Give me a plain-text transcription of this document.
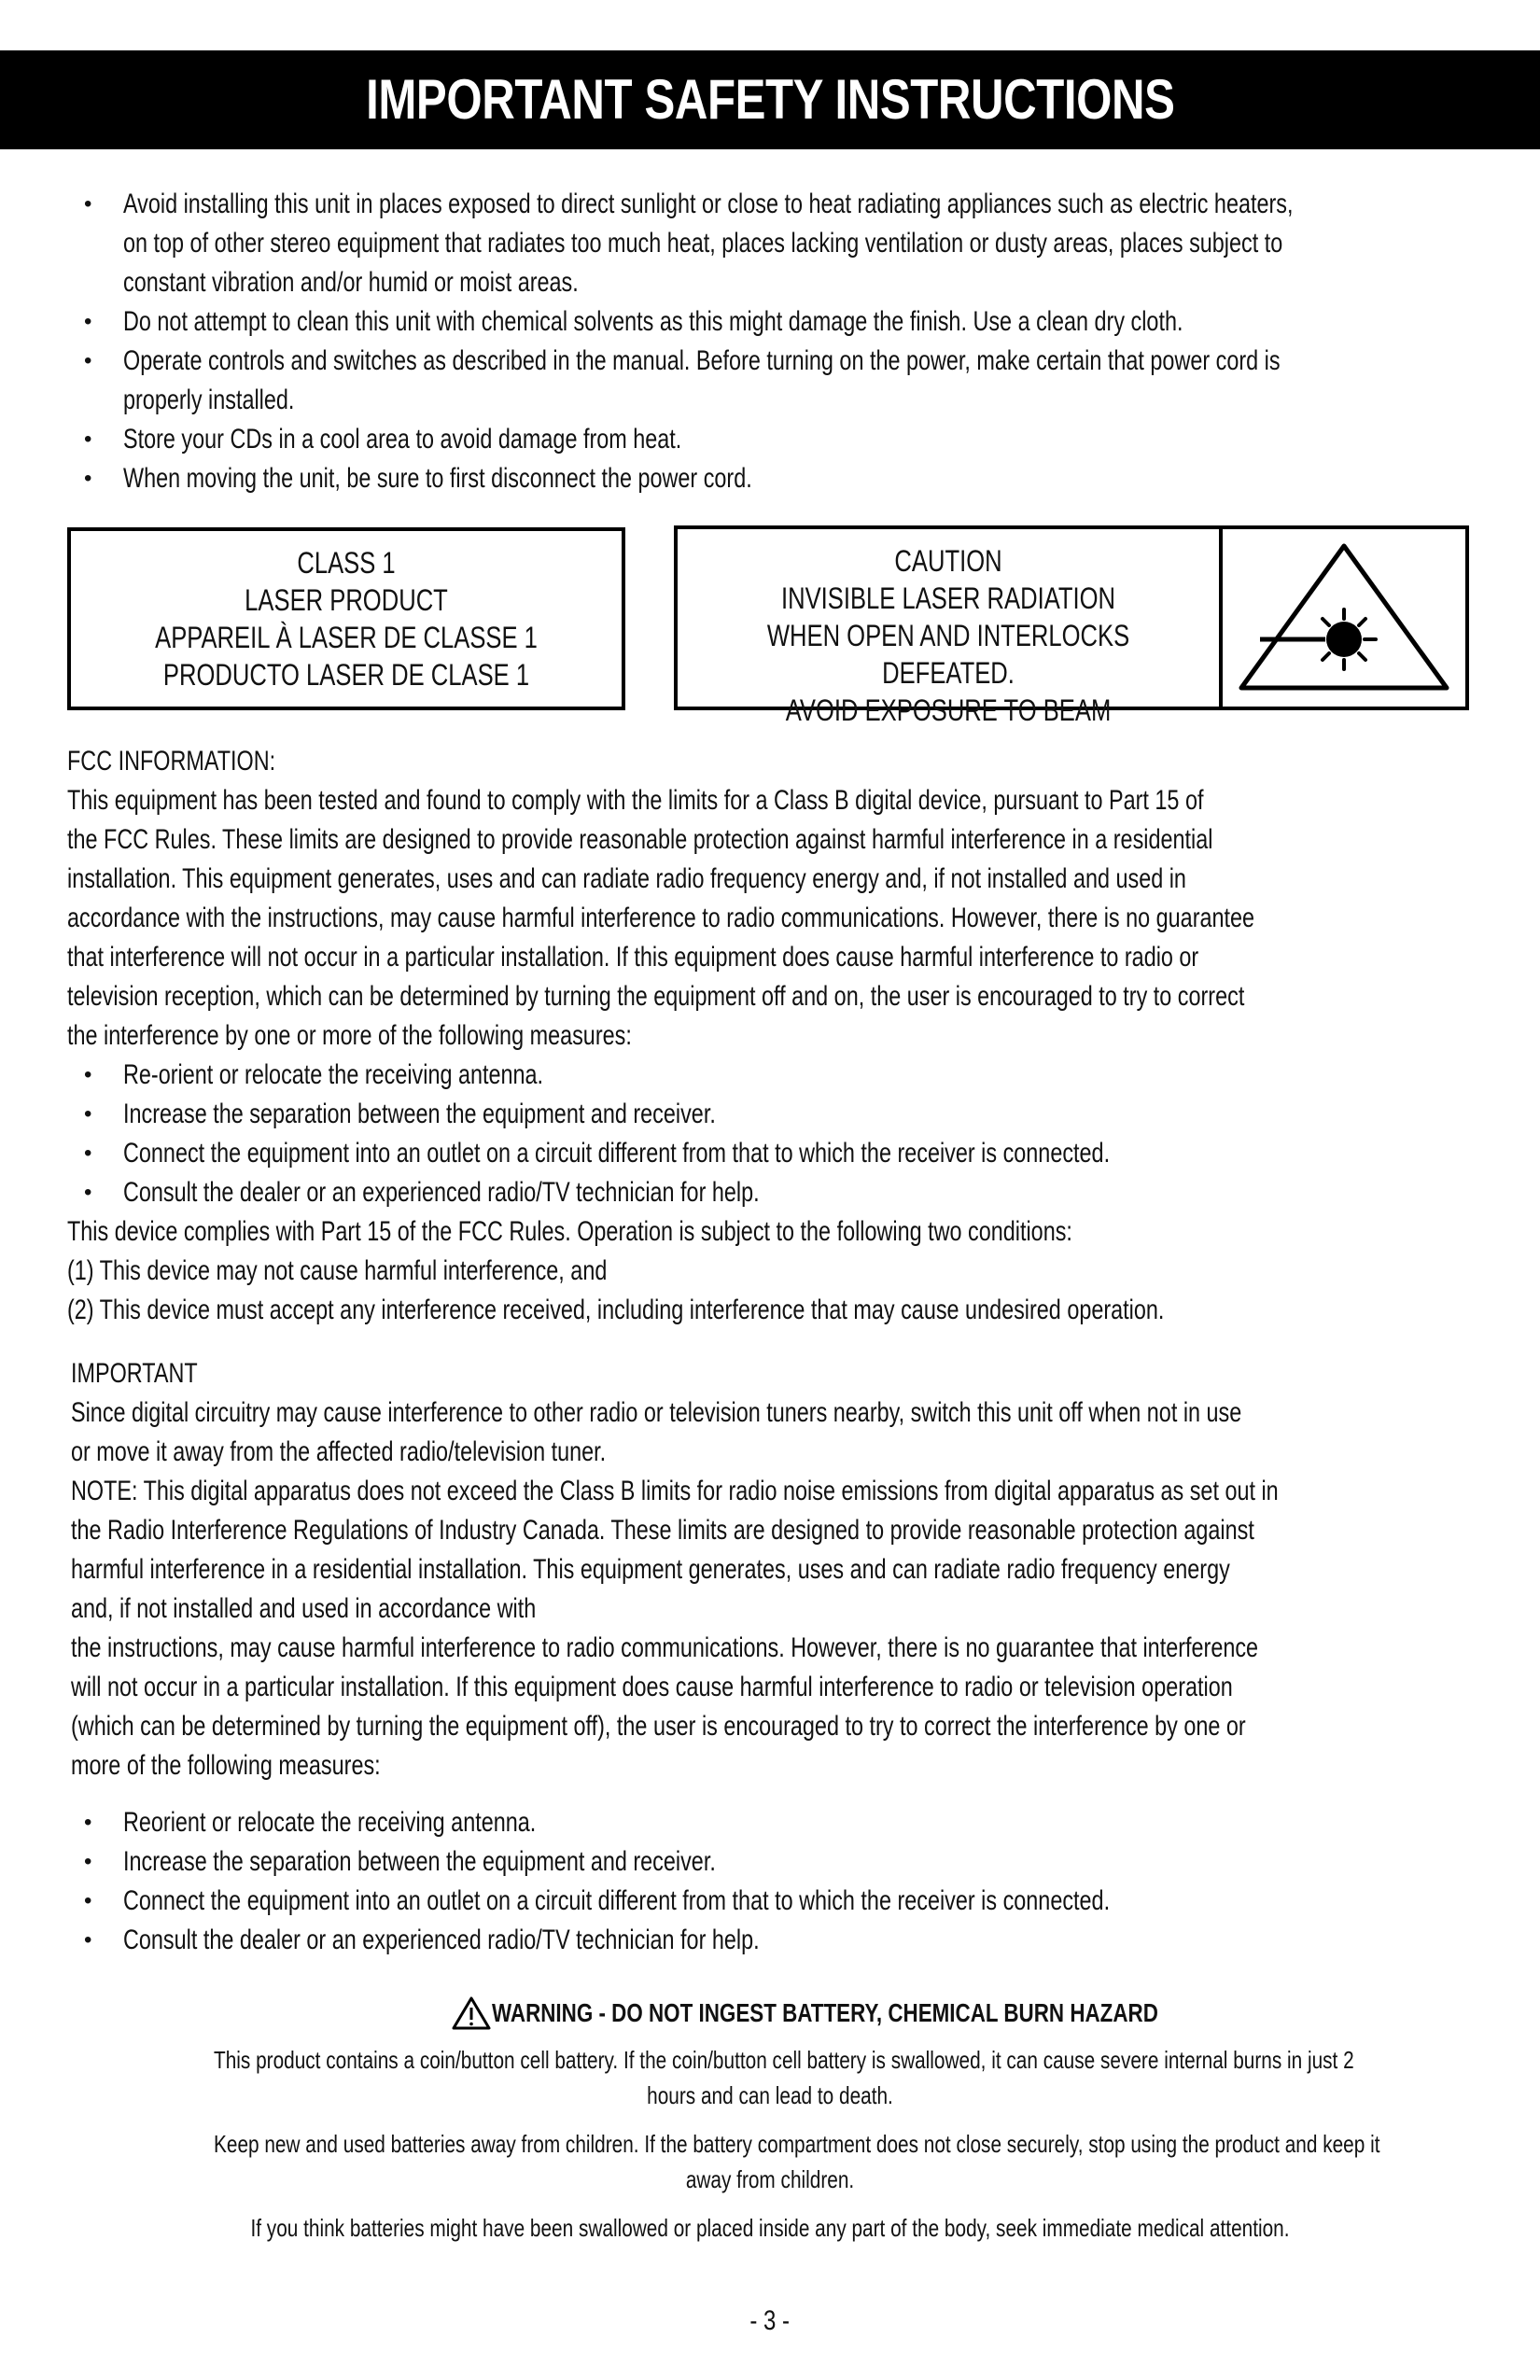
IMPORTANT SAFETY INSTRUCTIONS
• Avoid installing this unit in places exposed to direct sunlight or close to heat radiating appliances such as electric heaters,
on top of other stereo equipment that radiates too much heat, places lacking ventilation or dusty areas, places subject to
constant vibration and/or humid or moist areas.
• Do not attempt to clean this unit with chemical solvents as this might damage the finish. Use a clean dry cloth.
• Operate controls and switches as described in the manual. Before turning on the power, make certain that power cord is
properly installed.
• Store your CDs in a cool area to avoid damage from heat.
• When moving the unit, be sure to first disconnect the power cord.
CLASS 1
LASER PRODUCT
APPAREIL À LASER DE CLASSE 1
PRODUCTO LASER DE CLASE 1
CAUTION
INVISIBLE LASER RADIATION
WHEN OPEN AND INTERLOCKS DEFEATED.
AVOID EXPOSURE TO BEAM
FCC INFORMATION:
This equipment has been tested and found to comply with the limits for a Class B digital device, pursuant to Part 15 of
the FCC Rules. These limits are designed to provide reasonable protection against harmful interference in a residential
installation. This equipment generates, uses and can radiate radio frequency energy and, if not installed and used in
accordance with the instructions, may cause harmful interference to radio communications. However, there is no guarantee
that interference will not occur in a particular installation. If this equipment does cause harmful interference to radio or
television reception, which can be determined by turning the equipment off and on, the user is encouraged to try to correct
the interference by one or more of the following measures:
• Re-orient or relocate the receiving antenna.
• Increase the separation between the equipment and receiver.
• Connect the equipment into an outlet on a circuit different from that to which the receiver is connected.
• Consult the dealer or an experienced radio/TV technician for help.
This device complies with Part 15 of the FCC Rules. Operation is subject to the following two conditions:
(1) This device may not cause harmful interference, and
(2) This device must accept any interference received, including interference that may cause undesired operation.
IMPORTANT
Since digital circuitry may cause interference to other radio or television tuners nearby, switch this unit off when not in use
or move it away from the affected radio/television tuner.
NOTE: This digital apparatus does not exceed the Class B limits for radio noise emissions from digital apparatus as set out in
the Radio Interference Regulations of Industry Canada. These limits are designed to provide reasonable protection against
harmful interference in a residential installation. This equipment generates, uses and can radiate radio frequency energy
and, if not installed and used in accordance with
the instructions, may cause harmful interference to radio communications. However, there is no guarantee that interference
will not occur in a particular installation. If this equipment does cause harmful interference to radio or television operation
(which can be determined by turning the equipment off), the user is encouraged to try to correct the interference by one or
more of the following measures:
• Reorient or relocate the receiving antenna.
• Increase the separation between the equipment and receiver.
• Connect the equipment into an outlet on a circuit different from that to which the receiver is connected.
• Consult the dealer or an experienced radio/TV technician for help.
WARNING - DO NOT INGEST BATTERY, CHEMICAL BURN HAZARD
This product contains a coin/button cell battery. If the coin/button cell battery is swallowed, it can cause severe internal burns in just 2
hours and can lead to death.
Keep new and used batteries away from children. If the battery compartment does not close securely, stop using the product and keep it
away from children.
If you think batteries might have been swallowed or placed inside any part of the body, seek immediate medical attention.
- 3 -
